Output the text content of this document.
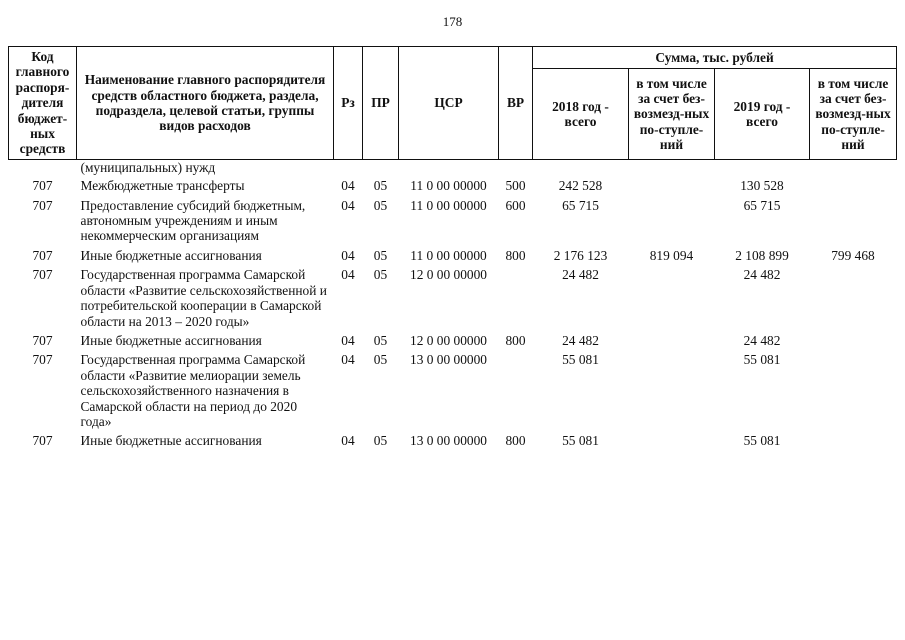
178
Код главного распоря-дителя бюджет-ных средств	Наименование главного распорядителя средств областного бюджета, раздела, подраздела, целевой статьи, группы видов расходов	Рз	ПР	ЦСР	ВР	Сумма, тыс. рублей			
						2018 год - всего	в том числе за счет без-возмезд-ных по-ступле-ний	2019 год - всего	в том числе за счет без-возмезд-ных по-ступле-ний
	(муниципальных) нужд								
707	Межбюджетные трансферты	04	05	11 0 00 00000	500	242 528		130 528	
707	Предоставление субсидий бюджетным, автономным учреждениям и иным некоммерческим организациям	04	05	11 0 00 00000	600	65 715		65 715	
707	Иные бюджетные ассигнования	04	05	11 0 00 00000	800	2 176 123	819 094	2 108 899	799 468
707	Государственная программа Самарской области «Развитие сельскохозяйственной и потребительской кооперации в Самарской области на 2013 – 2020 годы»	04	05	12 0 00 00000		24 482		24 482	
707	Иные бюджетные ассигнования	04	05	12 0 00 00000	800	24 482		24 482	
707	Государственная программа Самарской области «Развитие мелиорации земель сельскохозяйственного назначения в Самарской области на период до 2020 года»	04	05	13 0 00 00000		55 081		55 081	
707	Иные бюджетные ассигнования	04	05	13 0 00 00000	800	55 081		55 081	
